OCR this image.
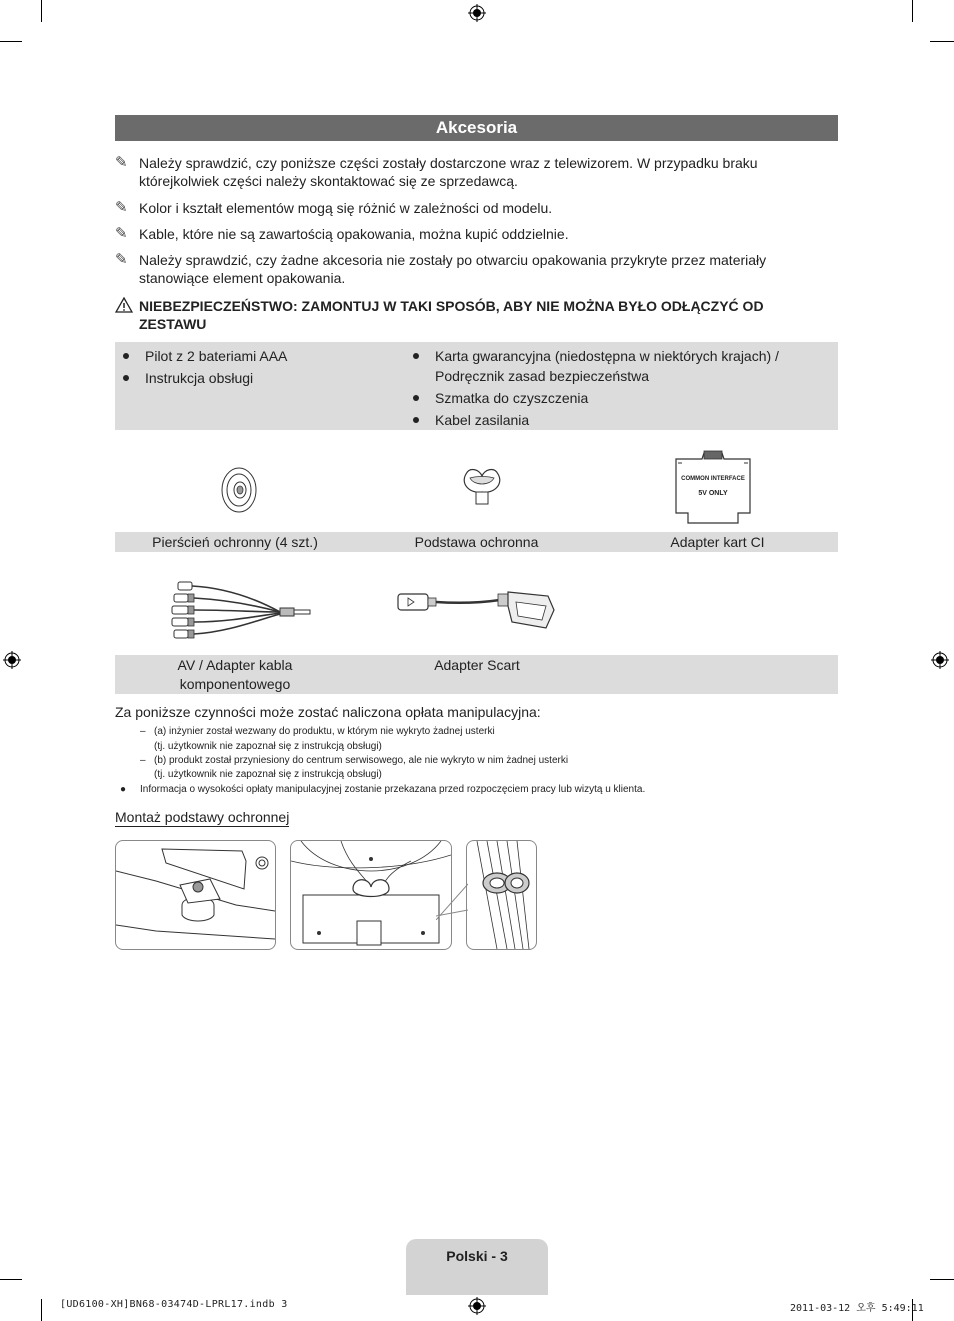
Akcesoria
✎ Należy sprawdzić, czy poniższe części zostały dostarczone wraz z telewizorem. W przypadku braku którejkolwiek części należy skontaktować się ze sprzedawcą.
✎ Kolor i kształt elementów mogą się różnić w zależności od modelu.
✎ Kable, które nie są zawartością opakowania, można kupić oddzielnie.
✎ Należy sprawdzić, czy żadne akcesoria nie zostały po otwarciu opakowania przykryte przez materiały stanowiące element opakowania.
NIEBEZPIECZEŃSTWO: ZAMONTUJ W TAKI SPOSÓB, ABY NIE MOŻNA BYŁO ODŁĄCZYĆ OD ZESTAWU
Pilot z 2 bateriami AAA
Instrukcja obsługi
Karta gwarancyjna (niedostępna w niektórych krajach) / Podręcznik zasad bezpieczeństwa
Szmatka do czyszczenia
Kabel zasilania
COMMON INTERFACE
5V ONLY
Pierścień ochronny (4 szt.)	Podstawa ochronna	Adapter kart CI
AV / Adapter kabla komponentowego
Adapter Scart
Za poniższe czynności może zostać naliczona opłata manipulacyjna:
– (a) inżynier został wezwany do produktu, w którym nie wykryto żadnej usterki
(tj. użytkownik nie zapoznał się z instrukcją obsługi)
– (b) produkt został przyniesiony do centrum serwisowego, ale nie wykryto w nim żadnej usterki
(tj. użytkownik nie zapoznał się z instrukcją obsługi)
● Informacja o wysokości opłaty manipulacyjnej zostanie przekazana przed rozpoczęciem pracy lub wizytą u klienta.
Montaż podstawy ochronnej
Polski - 3
[UD6100-XH]BN68-03474D-LPRL17.indb 3	2011-03-12 오후 5:49:11
